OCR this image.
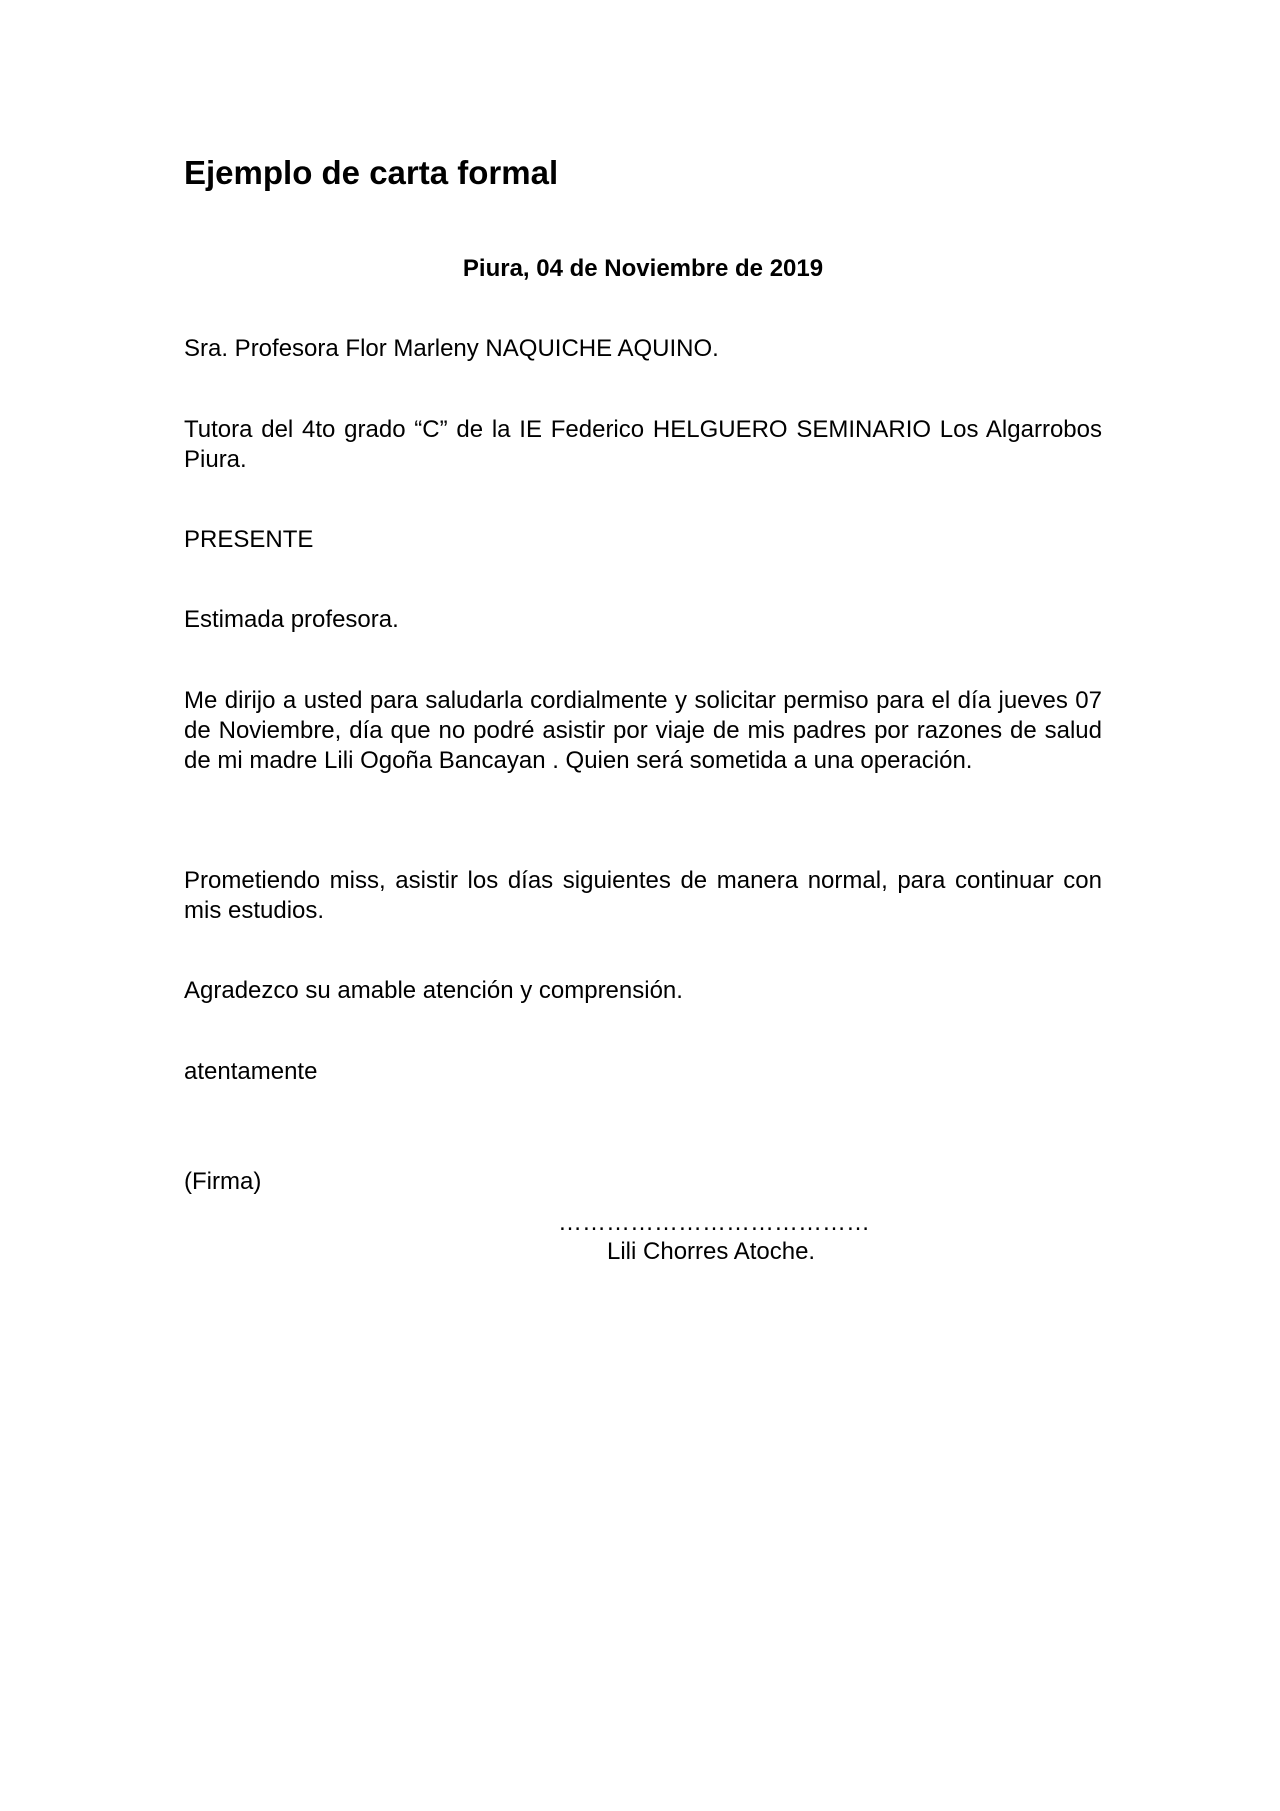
Ejemplo de carta formal

Piura, 04 de Noviembre de 2019

Sra. Profesora Flor Marleny NAQUICHE AQUINO.

Tutora del 4to grado “C” de la IE Federico HELGUERO SEMINARIO Los Algarrobos Piura.

PRESENTE

Estimada profesora.

Me dirijo a usted para saludarla cordialmente y solicitar permiso para el día jueves 07 de Noviembre, día que no podré asistir por viaje de mis padres por razones de salud de mi madre Lili Ogoña Bancayan . Quien será sometida a una operación.

Prometiendo miss, asistir los días siguientes de manera normal, para continuar con mis estudios.

Agradezco su amable atención y comprensión.

atentamente

(Firma)

…………………………………

Lili Chorres Atoche.
